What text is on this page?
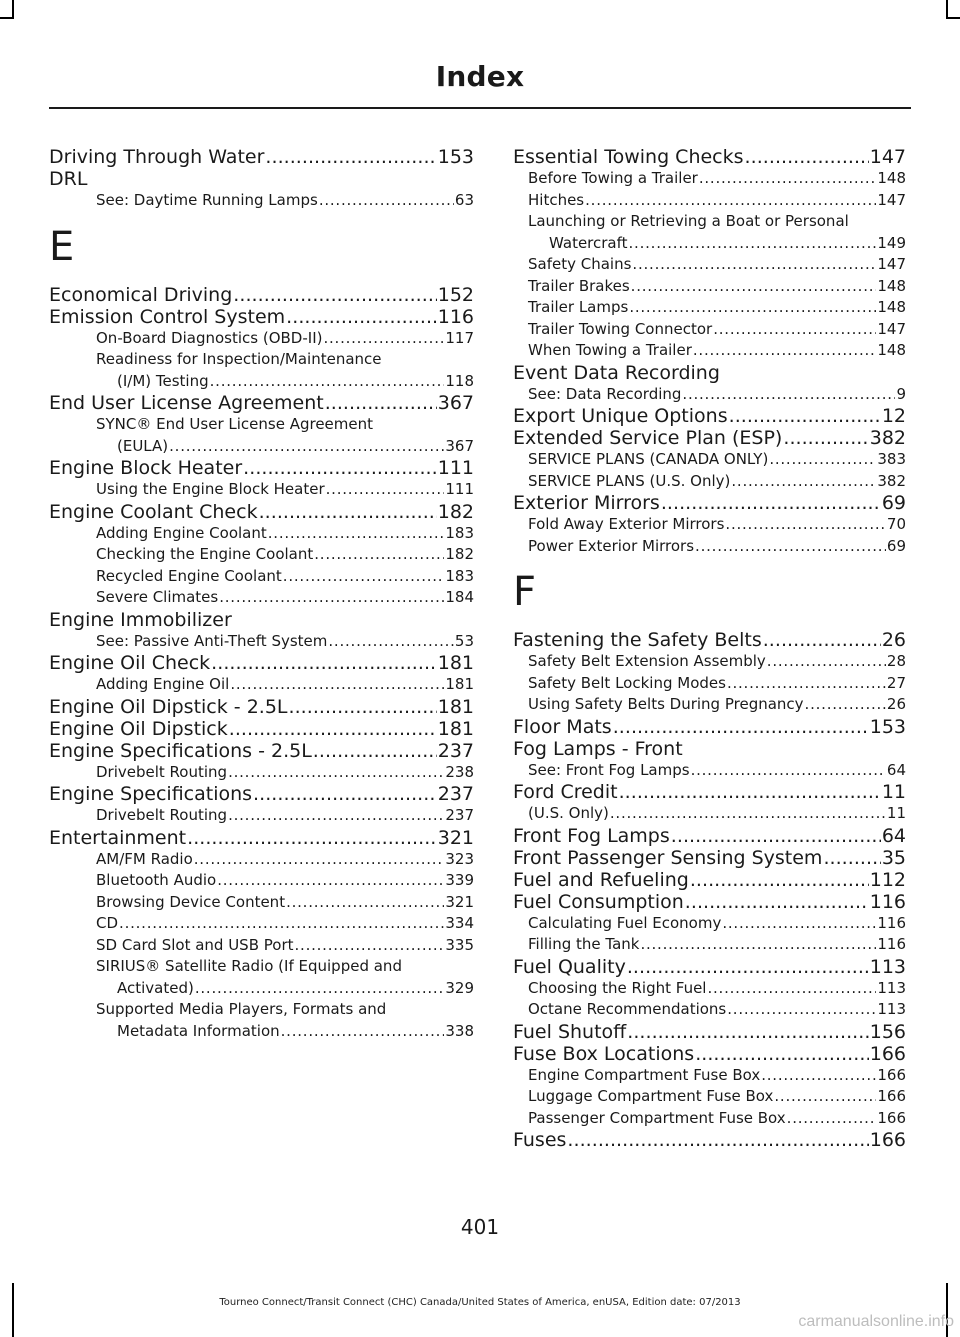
Index
Driving Through Water . . .	153
DRL
See: Daytime Running Lamps . . .	63
E
Economical Driving . . .	152
Emission Control System . . .	116
On-Board Diagnostics (OBD-II) . . .	117
Readiness for Inspection/Maintenance
(I/M) Testing . . .	118
End User License Agreement . . .	367
SYNC® End User License Agreement
(EULA) . . .	367
Engine Block Heater . . .	111
Using the Engine Block Heater . . .	111
Engine Coolant Check . . .	182
Adding Engine Coolant . . .	183
Checking the Engine Coolant . . .	182
Recycled Engine Coolant . . .	183
Severe Climates . . .	184
Engine Immobilizer
See: Passive Anti-Theft System . . .	53
Engine Oil Check . . .	181
Adding Engine Oil . . .	181
Engine Oil Dipstick - 2.5L . . .	181
Engine Oil Dipstick . . .	181
Engine Specifications - 2.5L . . .	237
Drivebelt Routing . . .	238
Engine Specifications . . .	237
Drivebelt Routing . . .	237
Entertainment . . .	321
AM/FM Radio . . .	323
Bluetooth Audio . . .	339
Browsing Device Content . . .	321
CD . . .	334
SD Card Slot and USB Port . . .	335
SIRIUS® Satellite Radio (If Equipped and
Activated) . . .	329
Supported Media Players, Formats and
Metadata Information . . .	338
Essential Towing Checks . . .	147
Before Towing a Trailer . . .	148
Hitches . . .	147
Launching or Retrieving a Boat or Personal
Watercraft . . .	149
Safety Chains . . .	147
Trailer Brakes . . .	148
Trailer Lamps . . .	148
Trailer Towing Connector . . .	147
When Towing a Trailer . . .	148
Event Data Recording
See: Data Recording . . .	9
Export Unique Options . . .	12
Extended Service Plan (ESP) . . .	382
SERVICE PLANS (CANADA ONLY) . . .	383
SERVICE PLANS (U.S. Only) . . .	382
Exterior Mirrors . . .	69
Fold Away Exterior Mirrors . . .	70
Power Exterior Mirrors . . .	69
F
Fastening the Safety Belts . . .	26
Safety Belt Extension Assembly . . .	28
Safety Belt Locking Modes . . .	27
Using Safety Belts During Pregnancy . . .	26
Floor Mats . . .	153
Fog Lamps - Front
See: Front Fog Lamps . . .	64
Ford Credit . . .	11
(U.S. Only) . . .	11
Front Fog Lamps . . .	64
Front Passenger Sensing System . . .	35
Fuel and Refueling . . .	112
Fuel Consumption . . .	116
Calculating Fuel Economy . . .	116
Filling the Tank . . .	116
Fuel Quality . . .	113
Choosing the Right Fuel . . .	113
Octane Recommendations . . .	113
Fuel Shutoff . . .	156
Fuse Box Locations . . .	166
Engine Compartment Fuse Box . . .	166
Luggage Compartment Fuse Box . . .	166
Passenger Compartment Fuse Box . . .	166
Fuses . . .	166
401
Tourneo Connect/Transit Connect (CHC) Canada/United States of America, enUSA, Edition date: 07/2013
carmanualsonline.info
